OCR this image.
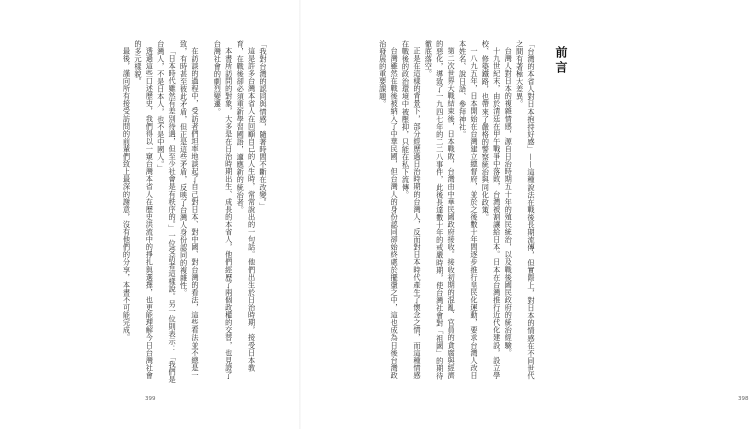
「我對台灣的認同與情感，隨著時間不斷在改變。」

這是許多台灣本省人在回顧自己的人生時，常常說出的一句話。他們出生於日治時期，接受日本教育，在戰後卻必須重新學習國語，適應新的統治者。

本書所訪問的對象，大多是在日治時期出生、成長的本省人，他們經歷了兩個政權的交替，也見證了台灣社會的劇烈變遷。

在訪談的過程中，受訪者們坦率地談起了自己對日本、對中國、對台灣的看法，這些看法並不總是一致，有時甚至彼此矛盾，但正是這些矛盾，反映了台灣人身份認同的複雜性。

「日本時代雖然有差別待遇，但至少社會是有秩序的。」一位受訪者這樣說。另一位則表示：「我們是台灣人，不是日本人，也不是中國人。」

透過這些口述歷史，我們得以一窺台灣本省人在歷史洪流中的掙扎與選擇，也更能理解今日台灣社會的多元樣貌。

最後，謹向所有接受訪問的前輩們致上最深的謝意，沒有他們的分享，本書不可能完成。

399

「台灣的本省人對日本抱持好感」——這種說法在戰後長期流傳，但實際上，對日本的情感在不同世代之間有著極大差異。

台灣人對日本的複雜情感，源自日治時期五十年的殖民統治，以及戰後國民政府的統治經驗。

十九世紀末，由於清廷在甲午戰爭中落敗，台灣被割讓給日本。日本在台灣推行近代化建設，設立學校、修築鐵路，也帶來了嚴格的警察統治與同化政策。

一八九五年，日本開始在台灣建立總督府，並於之後數十年間逐步推行皇民化運動，要求台灣人改日本姓名、說日語、參拜神社。

第二次世界大戰結束後，日本戰敗，台灣由中華民國政府接收。接收初期的混亂、官員的貪腐與經濟的惡化，導致了一九四七年的二二八事件，此後長達數十年的戒嚴時期，使台灣社會對「祖國」的期待徹底落空。

正是在這樣的背景下，部分經歷過日治時期的台灣人，反而對日本時代產生了懷念之情，而這種情感在戰後的政治環境中被壓抑，只能在私下流傳。

台灣雖然在戰後被納入了中華民國，但台灣人的身份認同卻始終處於擺盪之中，這也成為日後台灣政治發展的重要課題。

398
前言
